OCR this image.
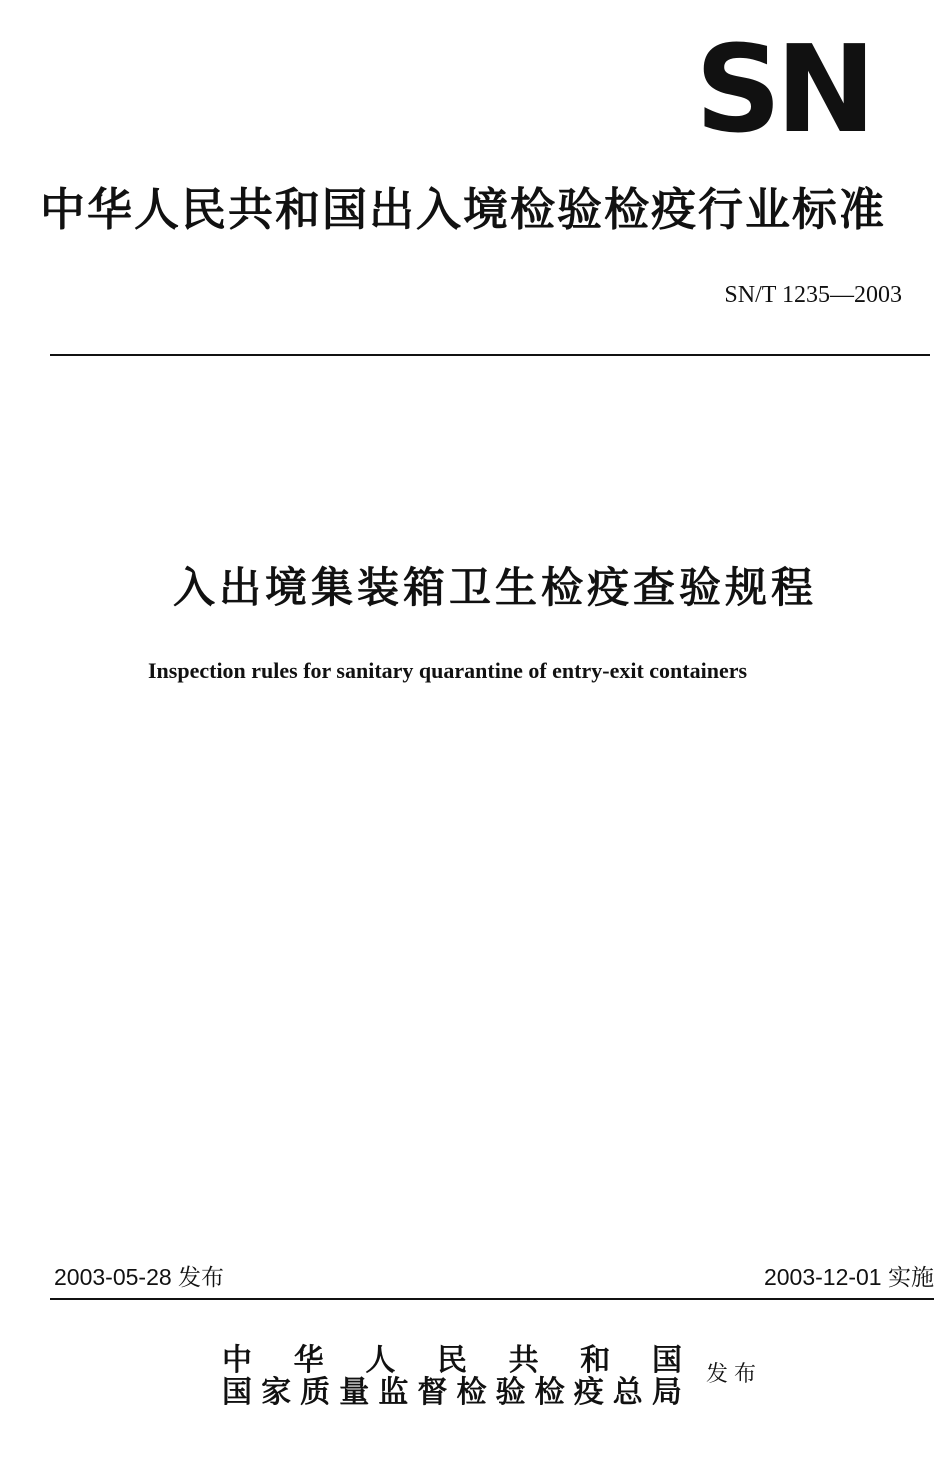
SN
中华人民共和国出入境检验检疫行业标准
SN/T 1235—2003
入出境集装箱卫生检疫查验规程
Inspection rules for sanitary quarantine of entry-exit containers
2003-05-28 发布	2003-12-01 实施
中 华 人 民 共 和 国
国 家 质 量 监 督 检 验 检 疫 总 局
发布
